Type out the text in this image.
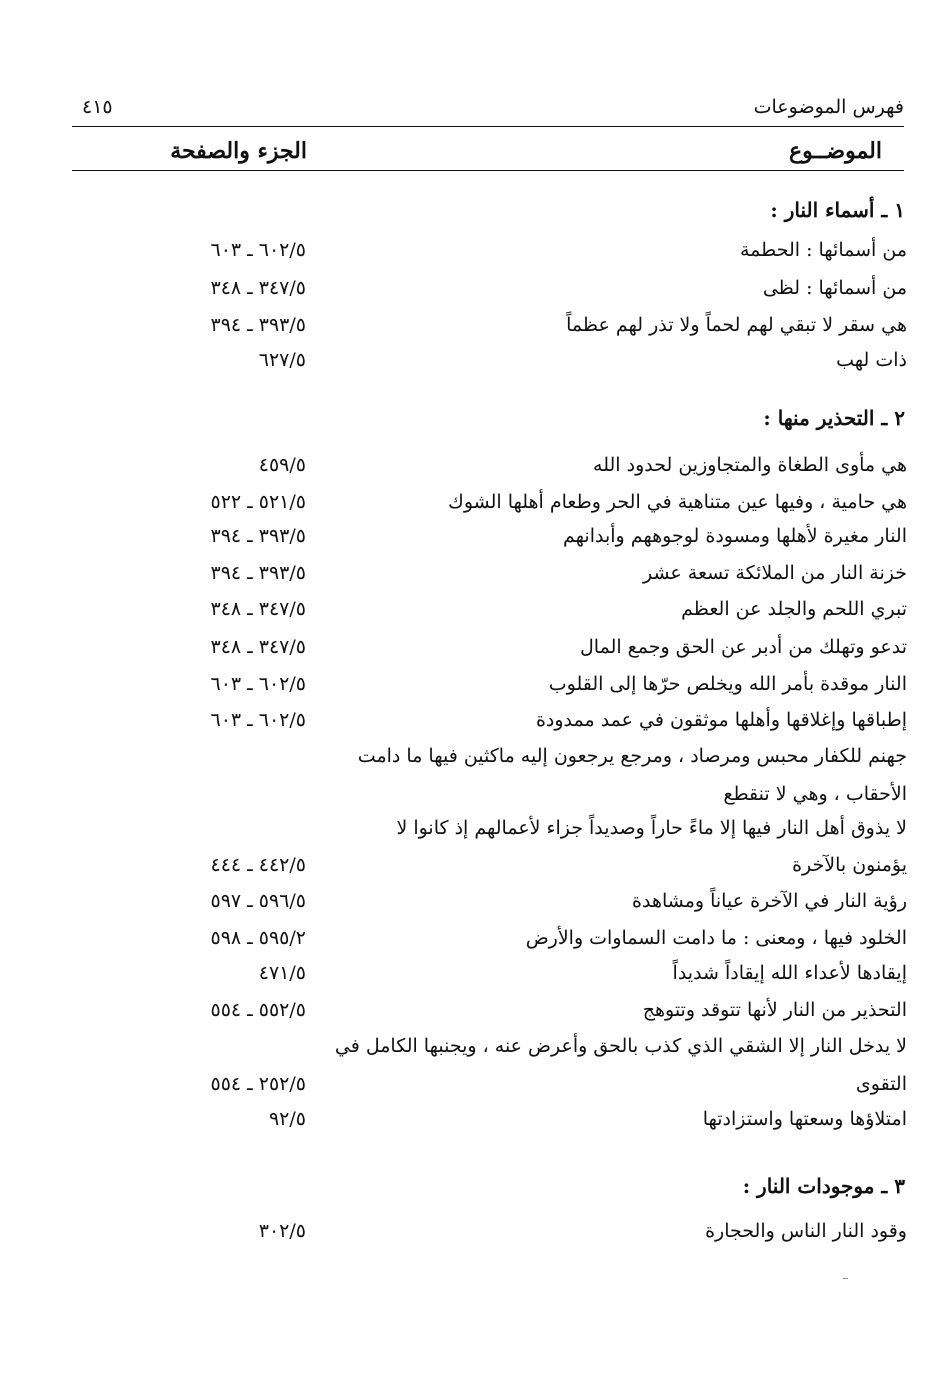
فهرس الموضوعات
٤١٥
الموضــوع
الجزء والصفحة
١ ـ أسماء النار :
من أسمائها : الحطمة
٦٠٢/٥ ـ ٦٠٣
من أسمائها : لظى
٣٤٧/٥ ـ ٣٤٨
هي سقر لا تبقي لهم لحماً ولا تذر لهم عظماً
٣٩٣/٥ ـ ٣٩٤
ذات لهب
٦٢٧/٥
٢ ـ التحذير منها :
هي مأوى الطغاة والمتجاوزين لحدود الله
٤٥٩/٥
هي حامية ، وفيها عين متناهية في الحر وطعام أهلها الشوك
٥٢١/٥ ـ ٥٢٢
النار مغيرة لأهلها ومسودة لوجوههم وأبدانهم
٣٩٣/٥ ـ ٣٩٤
خزنة النار من الملائكة تسعة عشر
٣٩٣/٥ ـ ٣٩٤
تبري اللحم والجلد عن العظم
٣٤٧/٥ ـ ٣٤٨
تدعو وتهلك من أدبر عن الحق وجمع المال
٣٤٧/٥ ـ ٣٤٨
النار موقدة بأمر الله ويخلص حرّها إلى القلوب
٦٠٢/٥ ـ ٦٠٣
إطباقها وإغلاقها وأهلها موثقون في عمد ممدودة
٦٠٢/٥ ـ ٦٠٣
جهنم للكفار محبس ومرصاد ، ومرجع يرجعون إليه ماكثين فيها ما دامت
الأحقاب ، وهي لا تنقطع
لا يذوق أهل النار فيها إلا ماءً حاراً وصديداً جزاء لأعمالهم إذ كانوا لا
يؤمنون بالآخرة
٤٤٢/٥ ـ ٤٤٤
رؤية النار في الآخرة عياناً ومشاهدة
٥٩٦/٥ ـ ٥٩٧
الخلود فيها ، ومعنى : ما دامت السماوات والأرض
٥٩٥/٢ ـ ٥٩٨
إيقادها لأعداء الله إيقاداً شديداً
٤٧١/٥
التحذير من النار لأنها تتوقد وتتوهج
٥٥٢/٥ ـ ٥٥٤
لا يدخل النار إلا الشقي الذي كذب بالحق وأعرض عنه ، ويجنبها الكامل في
التقوى
٢٥٢/٥ ـ ٥٥٤
امتلاؤها وسعتها واستزادتها
٩٢/٥
٣ ـ موجودات النار :
وقود النار الناس والحجارة
٣٠٢/٥
